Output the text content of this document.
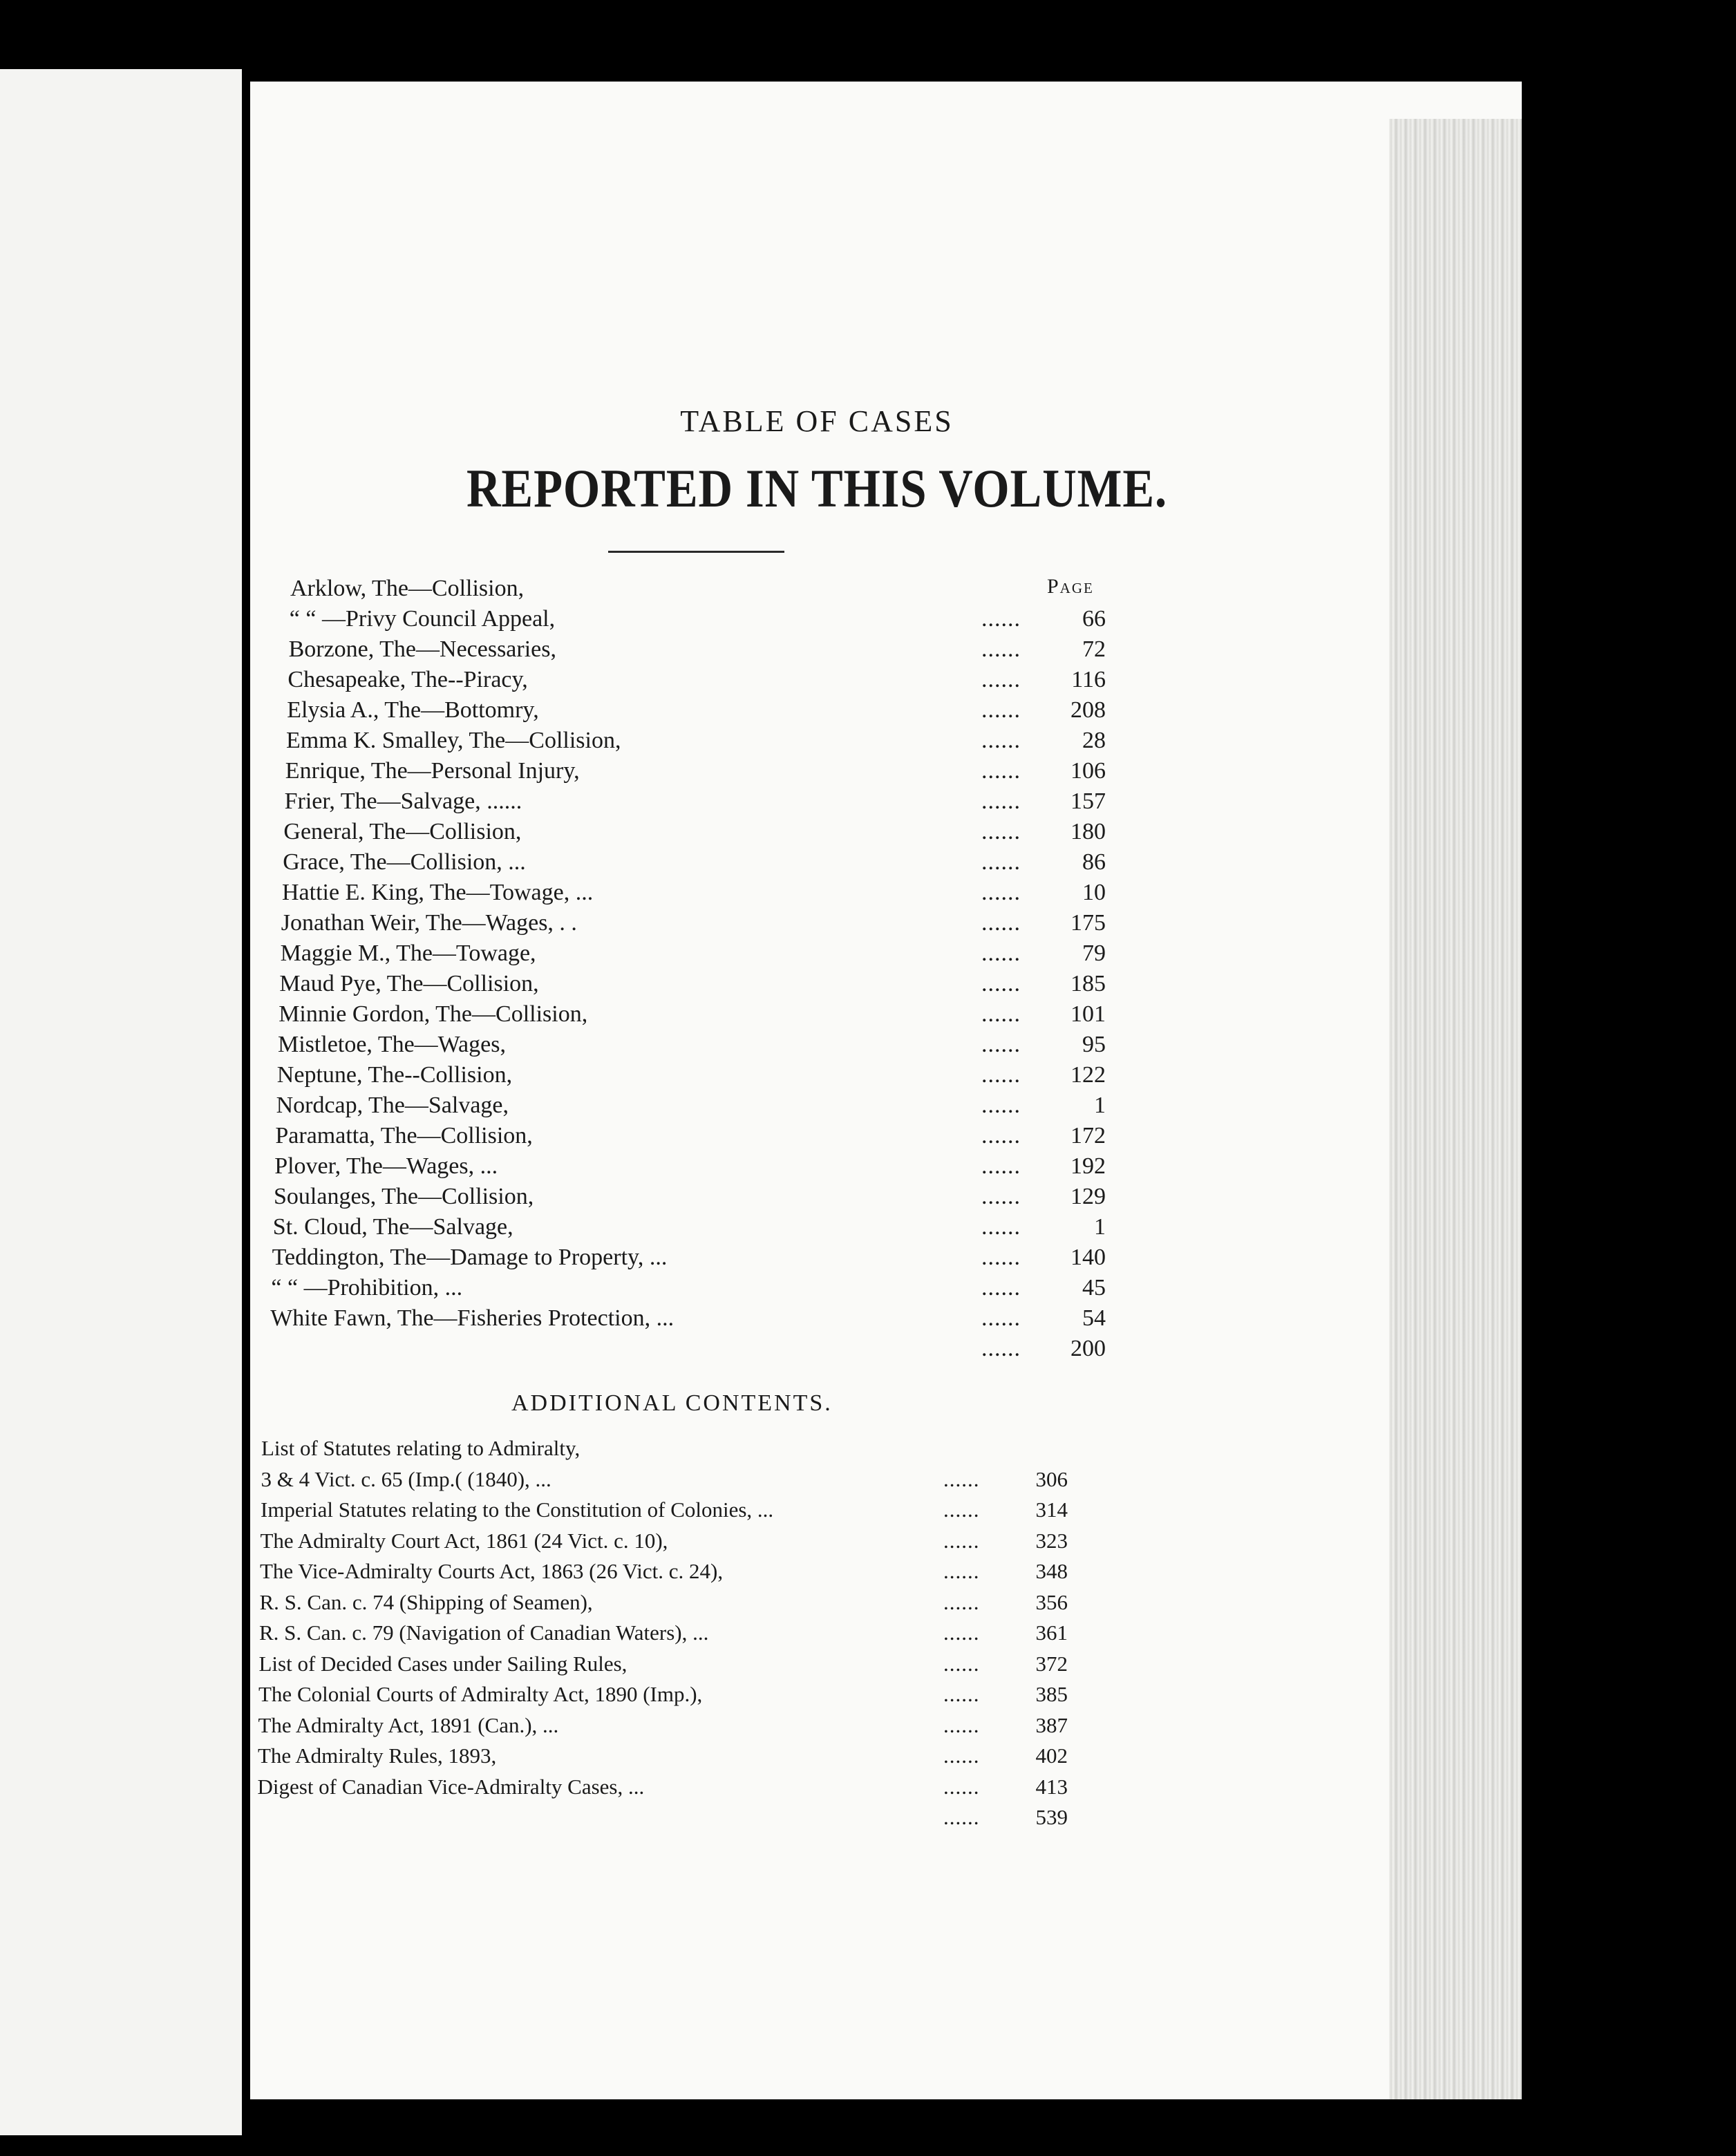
TABLE OF CASES
REPORTED IN THIS VOLUME.
Page
Arklow, The—Collision,
“ “ —Privy Council Appeal,	......	66
Borzone, The—Necessaries,	......	72
Chesapeake, The--Piracy,	......	116
Elysia A., The—Bottomry,	......	208
Emma K. Smalley, The—Collision,	......	28
Enrique, The—Personal Injury,	......	106
Frier, The—Salvage, ......	......	157
General, The—Collision,	......	180
Grace, The—Collision, ...	......	86
Hattie E. King, The—Towage, ...	......	10
Jonathan Weir, The—Wages, . .	......	175
Maggie M., The—Towage,	......	79
Maud Pye, The—Collision,	......	185
Minnie Gordon, The—Collision,	......	101
Mistletoe, The—Wages,	......	95
Neptune, The--Collision,	......	122
Nordcap, The—Salvage,	......	1
Paramatta, The—Collision,	......	172
Plover, The—Wages, ...	......	192
Soulanges, The—Collision,	......	129
St. Cloud, The—Salvage,	......	1
Teddington, The—Damage to Property, ...	......	140
“ “ —Prohibition, ...	......	45
White Fawn, The—Fisheries Protection, ...	......	54
......	200
ADDITIONAL CONTENTS.
List of Statutes relating to Admiralty,
3 & 4 Vict. c. 65 (Imp.( (1840), ...	......	306
Imperial Statutes relating to the Constitution of Colonies, ...	......	314
The Admiralty Court Act, 1861 (24 Vict. c. 10),	......	323
The Vice-Admiralty Courts Act, 1863 (26 Vict. c. 24),	......	348
R. S. Can. c. 74 (Shipping of Seamen),	......	356
R. S. Can. c. 79 (Navigation of Canadian Waters), ...	......	361
List of Decided Cases under Sailing Rules,	......	372
The Colonial Courts of Admiralty Act, 1890 (Imp.),	......	385
The Admiralty Act, 1891 (Can.), ...	......	387
The Admiralty Rules, 1893,	......	402
Digest of Canadian Vice-Admiralty Cases, ...	......	413
......	539
